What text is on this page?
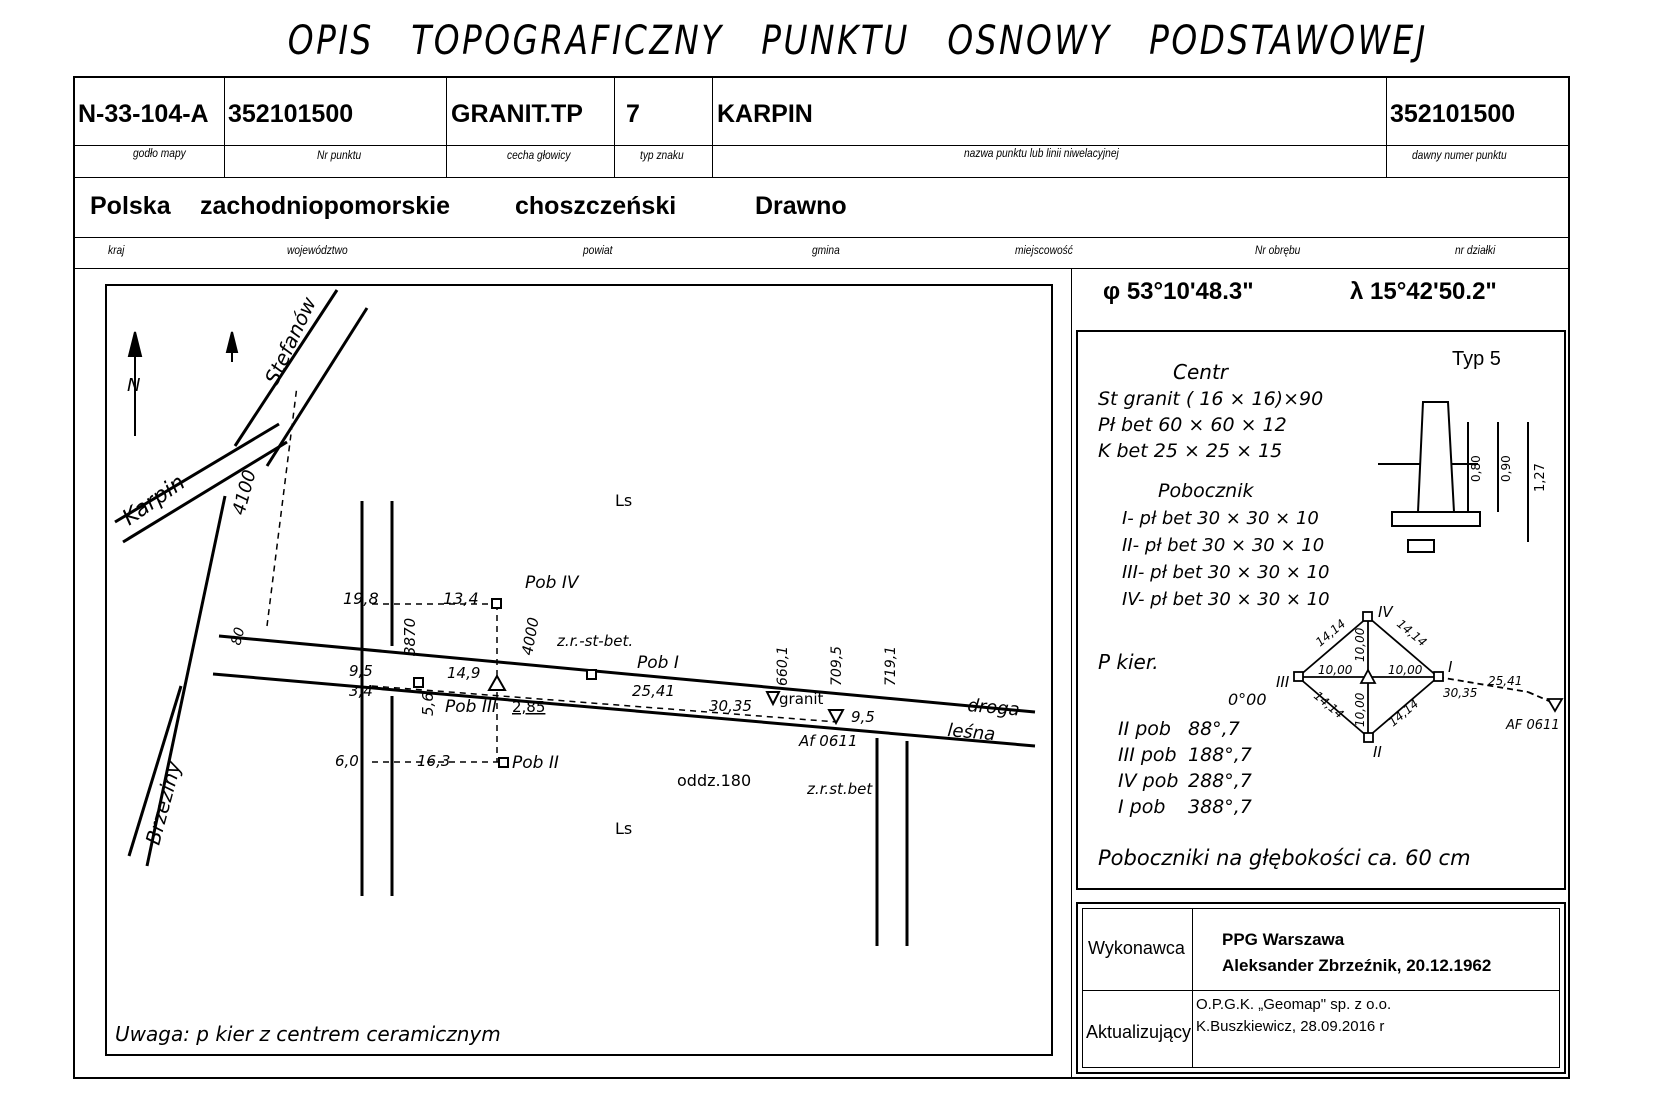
OPIS TOPOGRAFICZNY PUNKTU OSNOWY PODSTAWOWEJ
N-33-104-A 352101500	GRANIT.TP 7	KARPIN	352101500
godło mapy	Nr punktu	cecha głowicy	typ znaku	nazwa punktu lub linii niwelacyjnej	dawny numer punktu
Polska zachodniopomorskie	choszczeński	Drawno
kraj	województwo	powiat	gmina	miejscowość	Nr obrębu	nr działki
φ 53°10'48.3"	λ 15°42'50.2"
N
Karpin
Stefanów
Brzeziny
4100
80
Ls
Ls
oddz.180
droga
leśna
19,8	13,4
3870	4000
Pob IV
z.r.-st-bet.
Pob I
9,5
3,4
14,9
Pob III
5,6	2,85
25,41
30,35 granit
9,5
Af 0611
z.r.st.bet
16,3
6,0	Pob II
660,1	709,5	719,1
Uwaga: p kier z centrem ceramicznym
Centr
St granit ( 16 × 16)×90
Pł bet 60 × 60 × 12
K bet 25 × 25 × 15
Pobocznik
I- pł bet 30 × 30 × 10
II- pł bet 30 × 30 × 10
III- pł bet 30 × 30 × 10
IV- pł bet 30 × 30 × 10
Typ 5
0,80 0,90 1,27
P kier.
0°00
II pob 88°,7
III pob 188°,7
IV pob 288°,7
I pob 388°,7
IV
I
II
III
14,14	14,14
14,14	14,14
10,00
10,00
10,00	10,00
30,35
25,41
AF 0611
Poboczniki na głębokości ca. 60 cm
Wykonawca PPG Warszawa
Aleksander Zbrzeźnik, 20.12.1962
Aktualizujący
O.P.G.K. „Geomap" sp. z o.o.
K.Buszkiewicz, 28.09.2016 r
